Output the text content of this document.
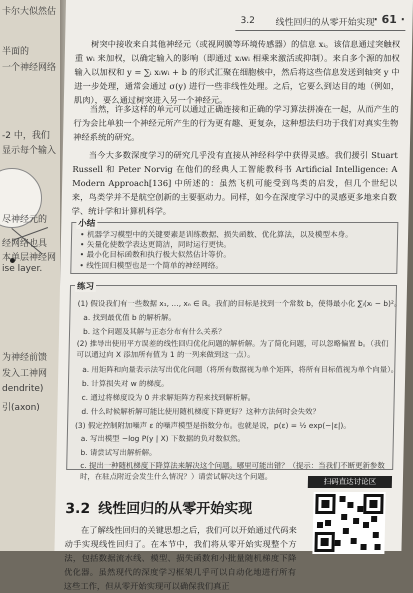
卡尔大似然估
半面的
一个神经网络
-2 中，我们
显示每个输入
尽神经元的
经网络也具
本单层神经网
ise layer.
为神经前馈
发入工神网
dendrite)
引(axon)
3.2 线性回归的从零开始实现
· 61 ·

树突中接收来自其他神经元（或视网膜等环境传感器）的信息 xᵢ。该信息通过突触权重 wᵢ 来加权，以确定输入的影响（即通过 xᵢwᵢ 相乘来激活或抑制）。来自多个源的加权输入以加权和 y = ∑ᵢ xᵢwᵢ + b 的形式汇聚在细胞核中，然后将这些信息发送到轴突 y 中进一步处理，通常会通过 σ(y) 进行一些非线性处理。之后，它要么到达目的地（例如，肌肉），要么通过树突进入另一个神经元。

当然，许多这样的单元可以通过正确连接和正确的学习算法拼凑在一起，从而产生的行为会比单独一个神经元所产生的行为更有趣、更复杂，这种想法归功于我们对真实生物神经系统的研究。

当今大多数深度学习的研究几乎没有直接从神经科学中获得灵感。我们援引 Stuart Russell 和 Peter Norvig 在他们的经典人工智能教科书 Artificial Intelligence: A Modern Approach[136] 中所述的：虽然飞机可能受到鸟类的启发，但几个世纪以来，鸟类学并不是航空创新的主要驱动力。同样，如今在深度学习中的灵感更多地来自数学、统计学和计算机科学。

小结
• 机器学习模型中的关键要素是训练数据、损失函数、优化算法，以及模型本身。
• 矢量化使数学表达更简洁，同时运行更快。
• 最小化目标函数和执行极大似然估计等价。
• 线性回归模型也是一个简单的神经网络。
练习
(1) 假设我们有一些数据 x₁, …, xₙ ∈ ℝ。我们的目标是找到一个常数 b，使得最小化 ∑ᵢ(xᵢ − b)²。
a. 找到最优值 b 的解析解。
b. 这个问题及其解与正态分布有什么关系？
(2) 推导出使用平方误差的线性回归优化问题的解析解。为了简化问题，可以忽略偏置 b。（我们可以通过向 X 添加所有值为 1 的一列来做到这一点）。
a. 用矩阵和向量表示法写出优化问题（将所有数据视为单个矩阵，将所有目标值视为单个向量）。
b. 计算损失对 w 的梯度。
c. 通过将梯度设为 0 并求解矩阵方程来找到解析解。
d. 什么时候解析解可能比使用随机梯度下降更好？这种方法何时会失效？
(3) 假定控制附加噪声 ε 的噪声模型是指数分布。也就是说，p(ε) = ½ exp(−|ε|)。
a. 写出模型 −log P(y | X) 下数据的负对数似然。
b. 请尝试写出解析解。
c. 提出一种随机梯度下降算法来解决这个问题。哪里可能出错？（提示：当我们不断更新参数时，在驻点附近会发生什么情况？）请尝试解决这个问题。
3.2 线性回归的从零开始实现

在了解线性回归的关键思想之后，我们可以开始通过代码来动手实现线性回归了。在本节中，我们将从零开始实现整个方法，包括数据流水线、模型、损失函数和小批量随机梯度下降优化器。虽然现代的深度学习框架几乎可以自动化地进行所有这些工作，但从零开始实现可以确保我们真正

扫码直达讨论区
